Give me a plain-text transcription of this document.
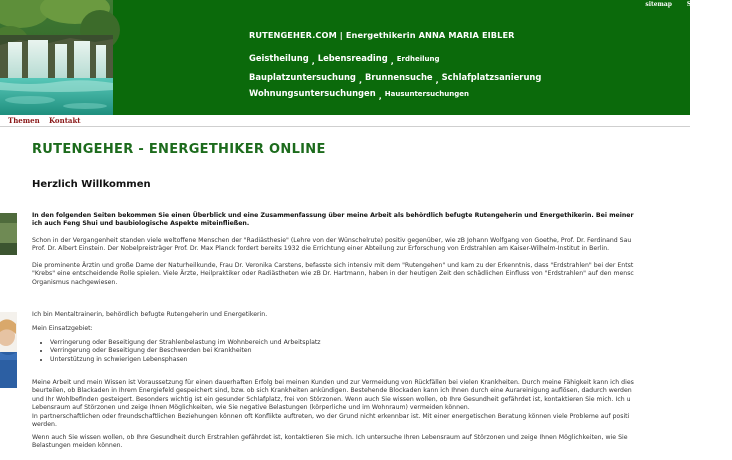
sitemap St
RUTENGEHER.COM | Energethikerin ANNA MARIA EIBLER
Geistheilung , Lebensreading , Erdheilung
Bauplatzuntersuchung , Brunnensuche , Schlafplatzsanierung
Wohnungsuntersuchungen , Hausuntersuchungen
Themen Kontakt
RUTENGEHER - ENERGETHIKER ONLINE
Herzlich Willkommen
In den folgenden Seiten bekommen Sie einen Überblick und eine Zusammenfassung über meine Arbeit als behördlich befugte Rutengeherin und Energethikerin. Bei meiner
ich auch Feng Shui und baubiologische Aspekte miteinfließen.
Schon in der Vergangenheit standen viele weltoffene Menschen der "Radiästhesie" (Lehre von der Wünschelrute) positiv gegenüber, wie zB Johann Wolfgang von Goethe, Prof. Dr. Ferdinand Sau
Prof. Dr. Albert Einstein. Der Nobelpreisträger Prof. Dr. Max Planck fordert bereits 1932 die Errichtung einer Abteilung zur Erforschung von Erdstrahlen am Kaiser-Wilhelm-Institut in Berlin.
Die prominente Ärztin und große Dame der Naturheilkunde, Frau Dr. Veronika Carstens, befasste sich intensiv mit dem "Rutengehen" und kam zu der Erkenntnis, dass "Erdstrahlen" bei der Entst
"Krebs" eine entscheidende Rolle spielen. Viele Ärzte, Heilpraktiker oder Radiästheten wie zB Dr. Hartmann, haben in der heutigen Zeit den schädlichen Einfluss von "Erdstrahlen" auf den mensc
Organismus nachgewiesen.
Ich bin Mentaltrainerin, behördlich befugte Rutengeherin und Energetikerin.
Mein Einsatzgebiet:
• Verringerung oder Beseitigung der Strahlenbelastung im Wohnbereich und Arbeitsplatz
• Verringerung oder Beseitigung der Beschwerden bei Krankheiten
• Unterstützung in schwierigen Lebensphasen
Meine Arbeit und mein Wissen ist Voraussetzung für einen dauerhaften Erfolg bei meinen Kunden und zur Vermeidung von Rückfällen bei vielen Krankheiten. Durch meine Fähigkeit kann ich dies
beurteilen, ob Blackaden in Ihrem Energiefeld gespeichert sind, bzw. ob sich Krankheiten ankündigen. Bestehende Blockaden kann ich Ihnen durch eine Aurareinigung auflösen, dadurch werden
und Ihr Wohlbefinden gesteigert. Besonders wichtig ist ein gesunder Schlafplatz, frei von Störzonen. Wenn auch Sie wissen wollen, ob Ihre Gesundheit gefährdet ist, kontaktieren Sie mich. Ich u
Lebensraum auf Störzonen und zeige Ihnen Möglichkeiten, wie Sie negative Belastungen (körperliche und im Wohnraum) vermeiden können.
In partnerschaftlichen oder freundschaftlichen Beziehungen können oft Konflikte auftreten, wo der Grund nicht erkennbar ist. Mit einer energetischen Beratung können viele Probleme auf positi
werden.
Wenn auch Sie wissen wollen, ob Ihre Gesundheit durch Erstrahlen gefährdet ist, kontaktieren Sie mich. Ich untersuche Ihren Lebensraum auf Störzonen und zeige Ihnen Möglichkeiten, wie Sie
Belastungen meiden können.
